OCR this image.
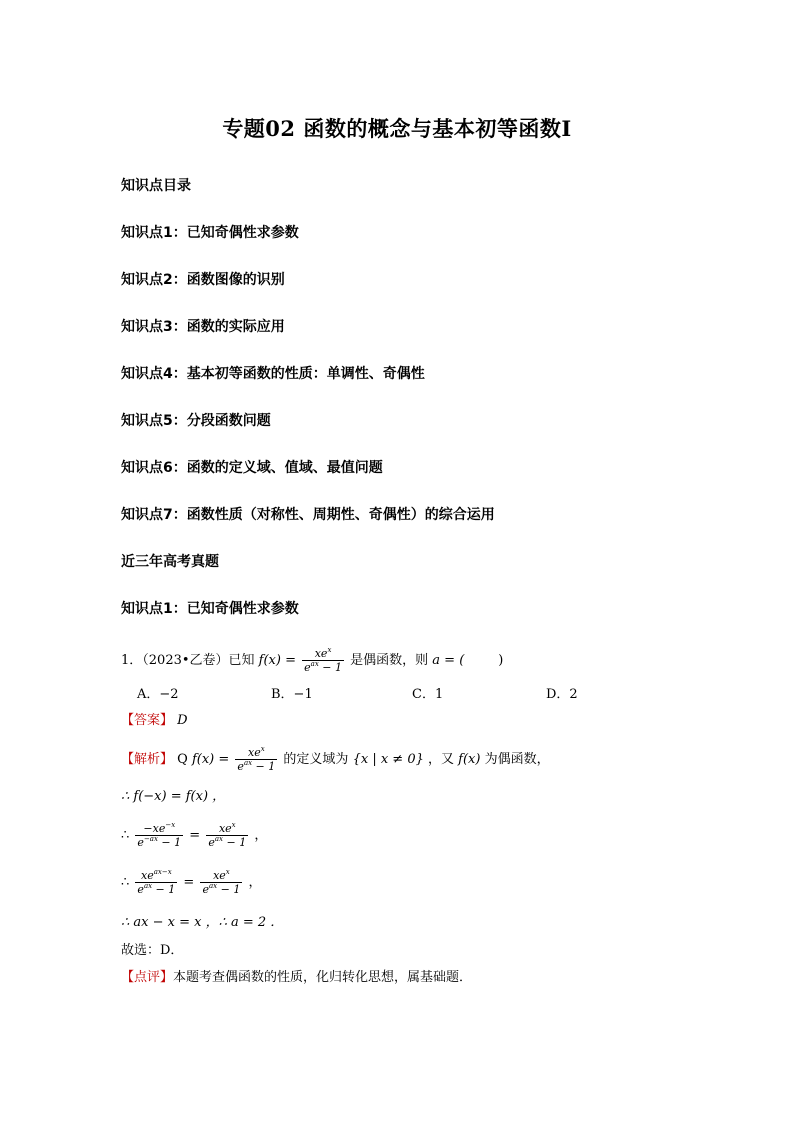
专题02 函数的概念与基本初等函数I
知识点目录
知识点1：已知奇偶性求参数
知识点2：函数图像的识别
知识点3：函数的实际应用
知识点4：基本初等函数的性质：单调性、奇偶性
知识点5：分段函数问题
知识点6：函数的定义域、值域、最值问题
知识点7：函数性质（对称性、周期性、奇偶性）的综合运用
近三年高考真题
知识点1：已知奇偶性求参数
1．（2023•乙卷）已知 $f(x) = \frac{xe^x}{e^{ax} - 1}$ 是偶函数，则 a = (	)
A．−2	B．−1	C．1	D．2
【答案】 D
【解析】 Q $f(x) = \frac{xe^x}{e^{ax} - 1}$ 的定义域为 {x | x ≠ 0} ，又 f(x) 为偶函数，
∴ f(−x) = f(x) ，
∴ $\frac{-xe^{-x}}{e^{-ax} - 1} = \frac{xe^x}{e^{ax} - 1}$ ，
∴ $\frac{xe^{ax-x}}{e^{ax} - 1} = \frac{xe^x}{e^{ax} - 1}$ ，
∴ ax − x = x ，∴ a = 2 ．
故选：D．
【点评】本题考查偶函数的性质，化归转化思想，属基础题．
